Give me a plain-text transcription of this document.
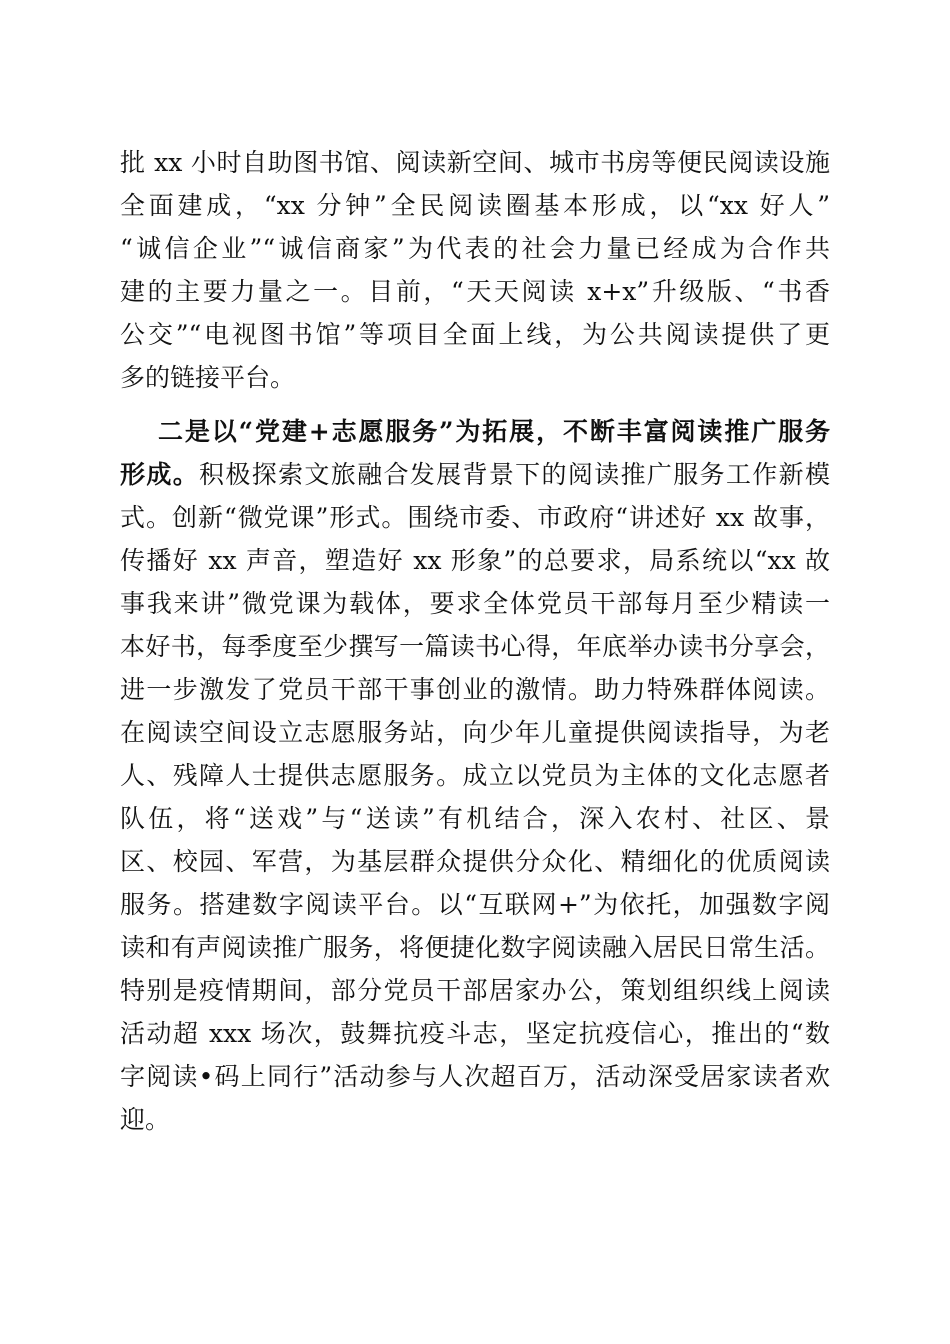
批 xx 小时自助图书馆、阅读新空间、城市书房等便民阅读设施
全面建成，“xx 分钟”全民阅读圈基本形成，以“xx 好人”
“诚信企业”“诚信商家”为代表的社会力量已经成为合作共
建的主要力量之一。目前，“天天阅读 x+x”升级版、“书香
公交”“电视图书馆”等项目全面上线，为公共阅读提供了更
多的链接平台。
二是以“党建+志愿服务”为拓展，不断丰富阅读推广服务
形成。积极探索文旅融合发展背景下的阅读推广服务工作新模
式。创新“微党课”形式。围绕市委、市政府“讲述好 xx 故事，
传播好 xx 声音，塑造好 xx 形象”的总要求，局系统以“xx 故
事我来讲”微党课为载体，要求全体党员干部每月至少精读一
本好书，每季度至少撰写一篇读书心得，年底举办读书分享会，
进一步激发了党员干部干事创业的激情。助力特殊群体阅读。
在阅读空间设立志愿服务站，向少年儿童提供阅读指导，为老
人、残障人士提供志愿服务。成立以党员为主体的文化志愿者
队伍，将“送戏”与“送读”有机结合，深入农村、社区、景
区、校园、军营，为基层群众提供分众化、精细化的优质阅读
服务。搭建数字阅读平台。以“互联网+”为依托，加强数字阅
读和有声阅读推广服务，将便捷化数字阅读融入居民日常生活。
特别是疫情期间，部分党员干部居家办公，策划组织线上阅读
活动超 xxx 场次，鼓舞抗疫斗志，坚定抗疫信心，推出的“数
字阅读•码上同行”活动参与人次超百万，活动深受居家读者欢
迎。
